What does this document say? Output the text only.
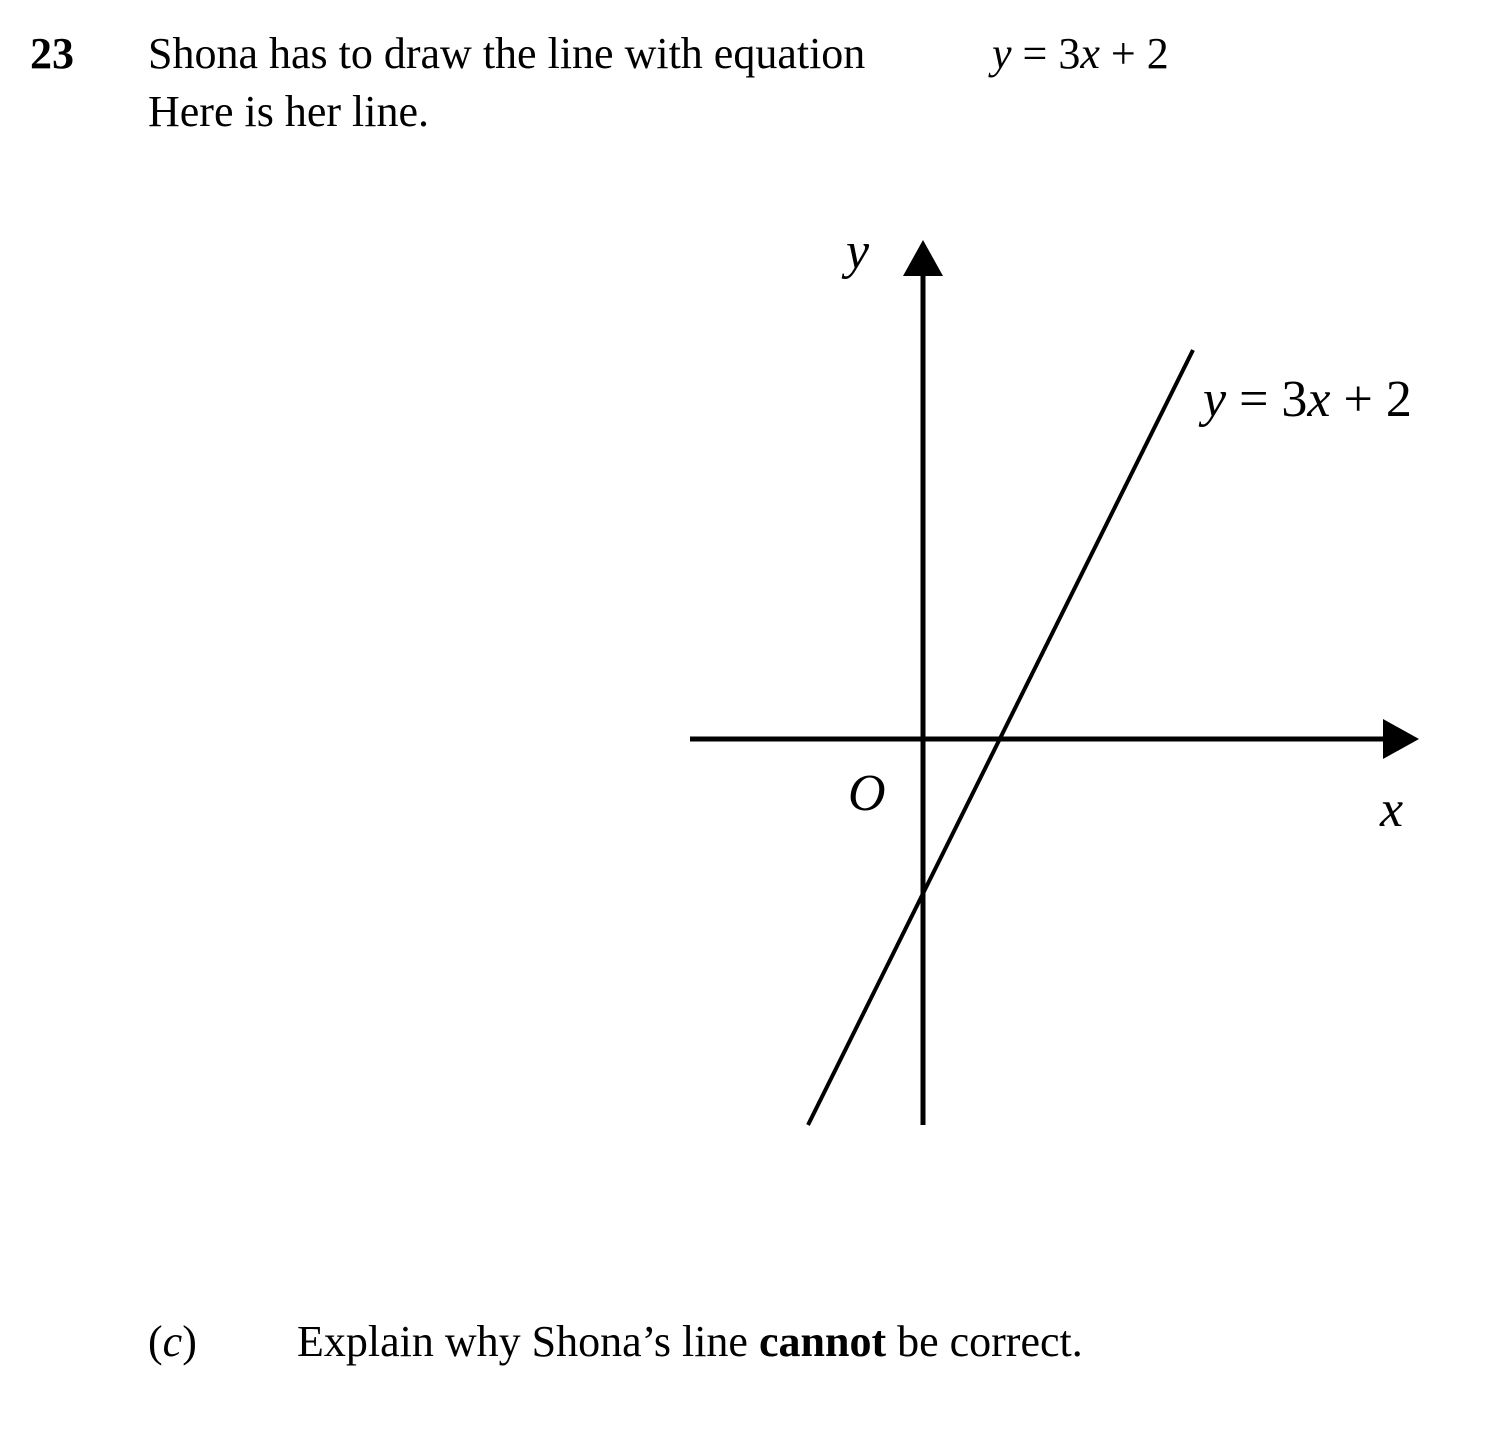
23 Shona has to draw the line with equation	y = 3x + 2
Here is her line.
y
x
O
y = 3x + 2
(c) Explain why Shona’s line cannot be correct.
